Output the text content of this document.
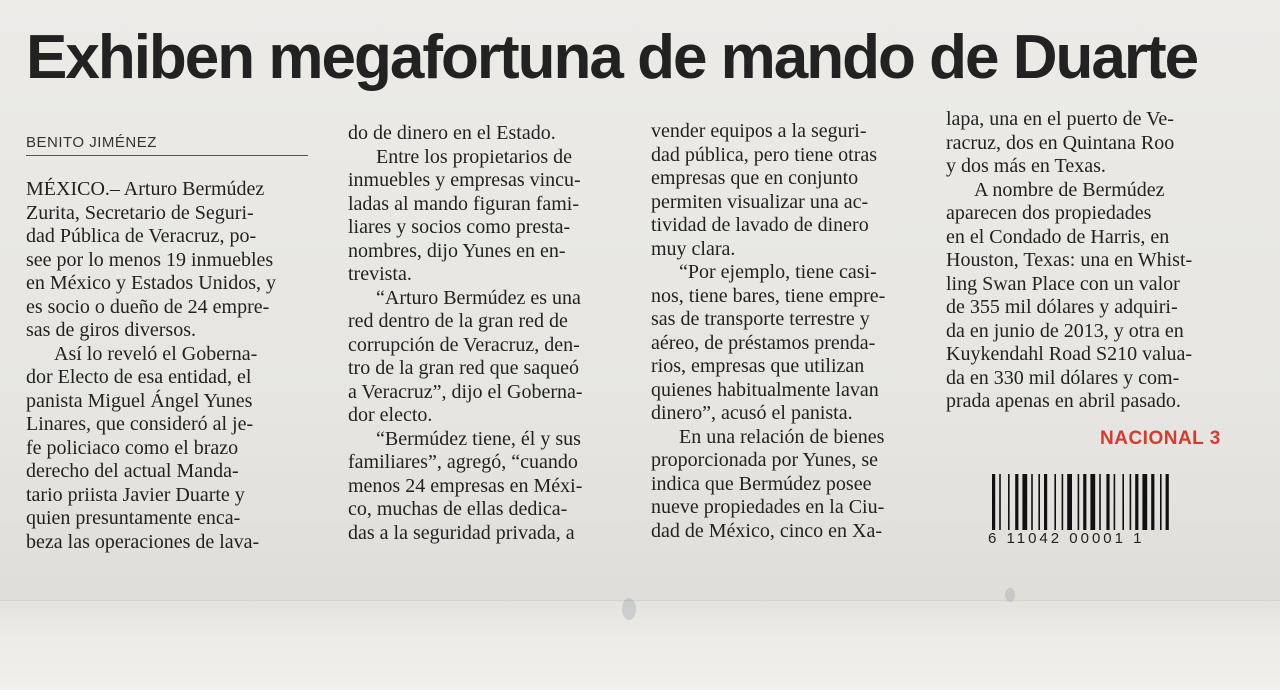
Exhiben megafortuna de mando de Duarte
BENITO JIMÉNEZ

MÉXICO.– Arturo Bermúdez
Zurita, Secretario de Seguri-
dad Pública de Veracruz, po-
see por lo menos 19 inmuebles
en México y Estados Unidos, y
es socio o dueño de 24 empre-
sas de giros diversos.

Así lo reveló el Goberna-
dor Electo de esa entidad, el
panista Miguel Ángel Yunes
Linares, que consideró al je-
fe policiaco como el brazo
derecho del actual Manda-
tario priista Javier Duarte y
quien presuntamente enca-
beza las operaciones de lava-

do de dinero en el Estado.

Entre los propietarios de
inmuebles y empresas vincu-
ladas al mando figuran fami-
liares y socios como presta-
nombres, dijo Yunes en en-
trevista.

“Arturo Bermúdez es una
red dentro de la gran red de
corrupción de Veracruz, den-
tro de la gran red que saqueó
a Veracruz”, dijo el Goberna-
dor electo.

“Bermúdez tiene, él y sus
familiares”, agregó, “cuando
menos 24 empresas en Méxi-
co, muchas de ellas dedica-
das a la seguridad privada, a

vender equipos a la seguri-
dad pública, pero tiene otras
empresas que en conjunto
permiten visualizar una ac-
tividad de lavado de dinero
muy clara.

“Por ejemplo, tiene casi-
nos, tiene bares, tiene empre-
sas de transporte terrestre y
aéreo, de préstamos prenda-
rios, empresas que utilizan
quienes habitualmente lavan
dinero”, acusó el panista.

En una relación de bienes
proporcionada por Yunes, se
indica que Bermúdez posee
nueve propiedades en la Ciu-
dad de México, cinco en Xa-

lapa, una en el puerto de Ve-
racruz, dos en Quintana Roo
y dos más en Texas.

A nombre de Bermúdez
aparecen dos propiedades
en el Condado de Harris, en
Houston, Texas: una en Whist-
ling Swan Place con un valor
de 355 mil dólares y adquiri-
da en junio de 2013, y otra en
Kuykendahl Road S210 valua-
da en 330 mil dólares y com-
prada apenas en abril pasado.

NACIONAL 3
6 11042 00001 1
